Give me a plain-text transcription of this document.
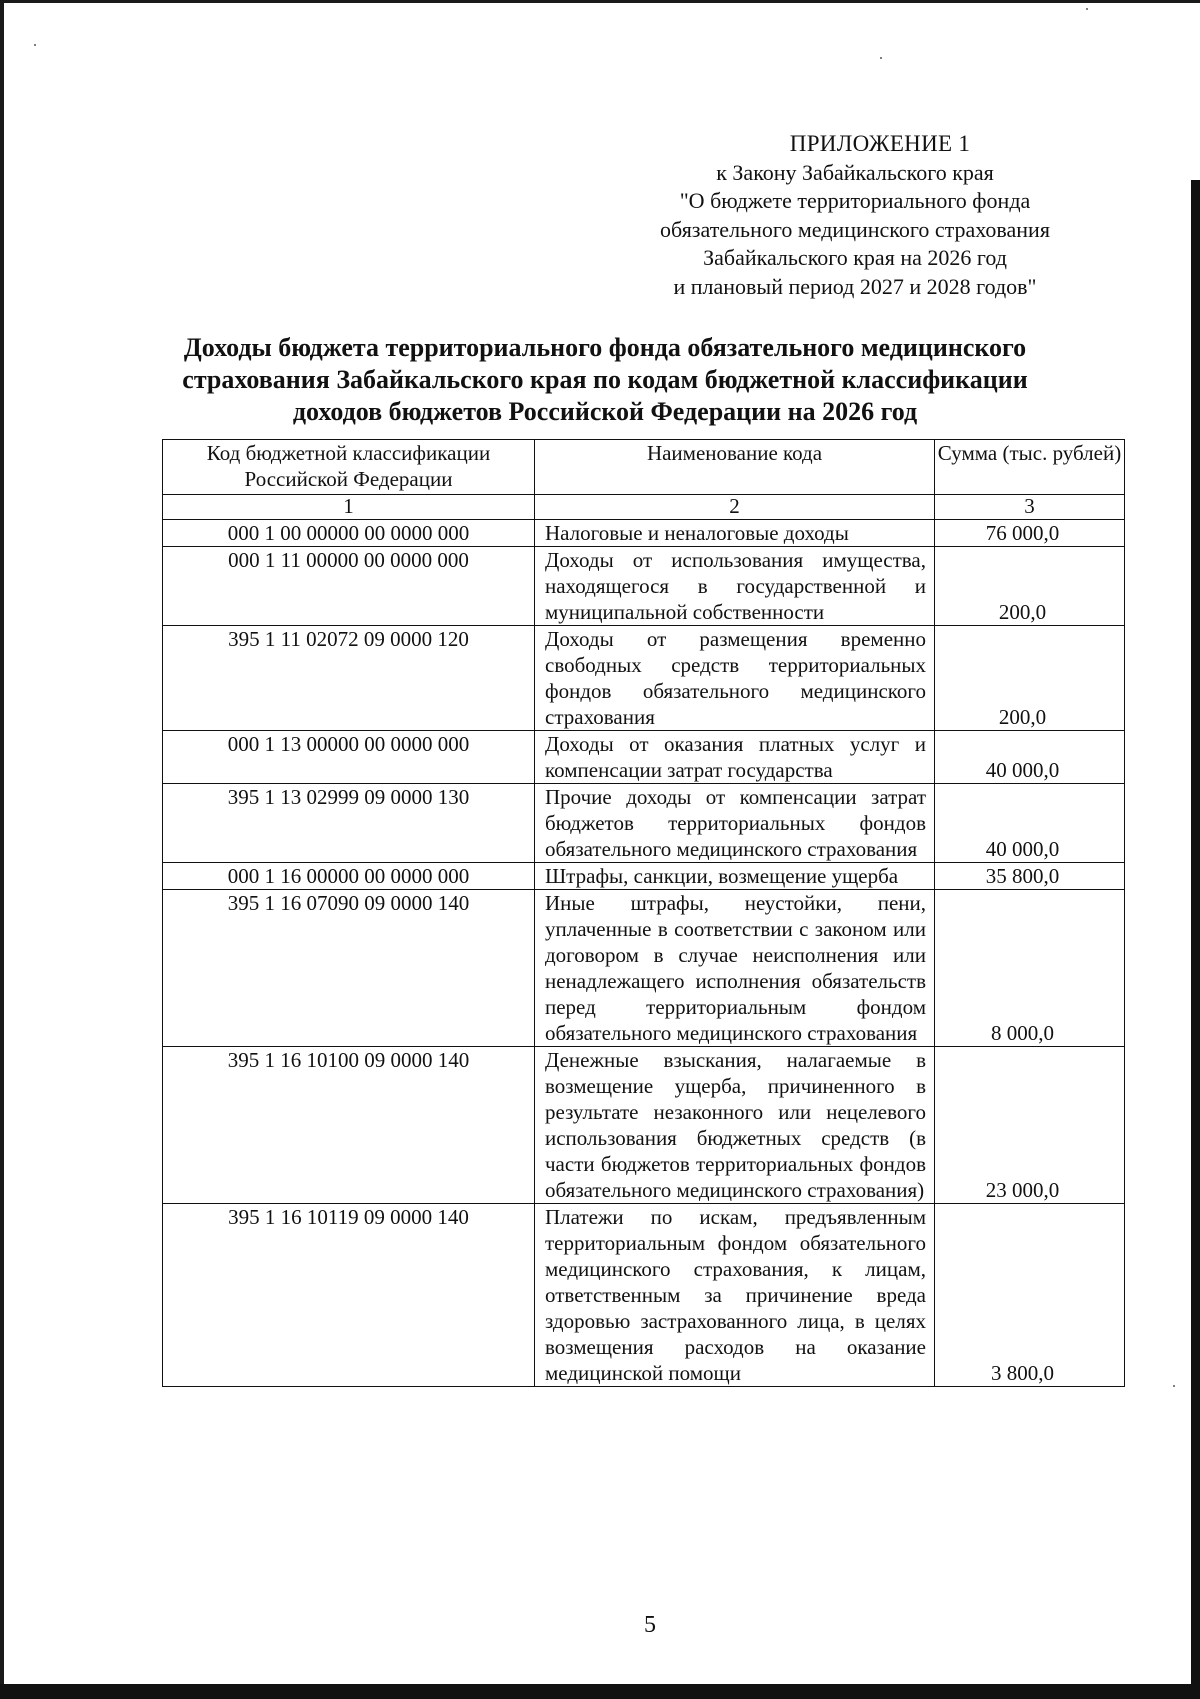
ПРИЛОЖЕНИЕ 1
к Закону Забайкальского края
"О бюджете территориального фонда
обязательного медицинского страхования
Забайкальского края на 2026 год
и плановый период 2027 и 2028 годов"
Доходы бюджета территориального фонда обязательного медицинского
страхования Забайкальского края по кодам бюджетной классификации
доходов бюджетов Российской Федерации на 2026 год
Код бюджетной классификации Российской Федерации	Наименование кода	Сумма (тыс. рублей)
1	2	3
000 1 00 00000 00 0000 000	Налоговые и неналоговые доходы	76 000,0
000 1 11 00000 00 0000 000	Доходы от использования имущества, находящегося в государственной и муниципальной собственности	200,0
395 1 11 02072 09 0000 120	Доходы от размещения временно свободных средств территориальных фондов обязательного медицинского страхования	200,0
000 1 13 00000 00 0000 000	Доходы от оказания платных услуг и компенсации затрат государства	40 000,0
395 1 13 02999 09 0000 130	Прочие доходы от компенсации затрат бюджетов территориальных фондов обязательного медицинского страхования	40 000,0
000 1 16 00000 00 0000 000	Штрафы, санкции, возмещение ущерба	35 800,0
395 1 16 07090 09 0000 140	Иные штрафы, неустойки, пени, уплаченные в соответствии с законом или договором в случае неисполнения или ненадлежащего исполнения обязательств перед территориальным фондом обязательного медицинского страхования	8 000,0
395 1 16 10100 09 0000 140	Денежные взыскания, налагаемые в возмещение ущерба, причиненного в результате незаконного или нецелевого использования бюджетных средств (в части бюджетов территориальных фондов обязательного медицинского страхования)	23 000,0
395 1 16 10119 09 0000 140	Платежи по искам, предъявленным территориальным фондом обязательного медицинского страхования, к лицам, ответственным за причинение вреда здоровью застрахованного лица, в целях возмещения расходов на оказание медицинской помощи	3 800,0
5
